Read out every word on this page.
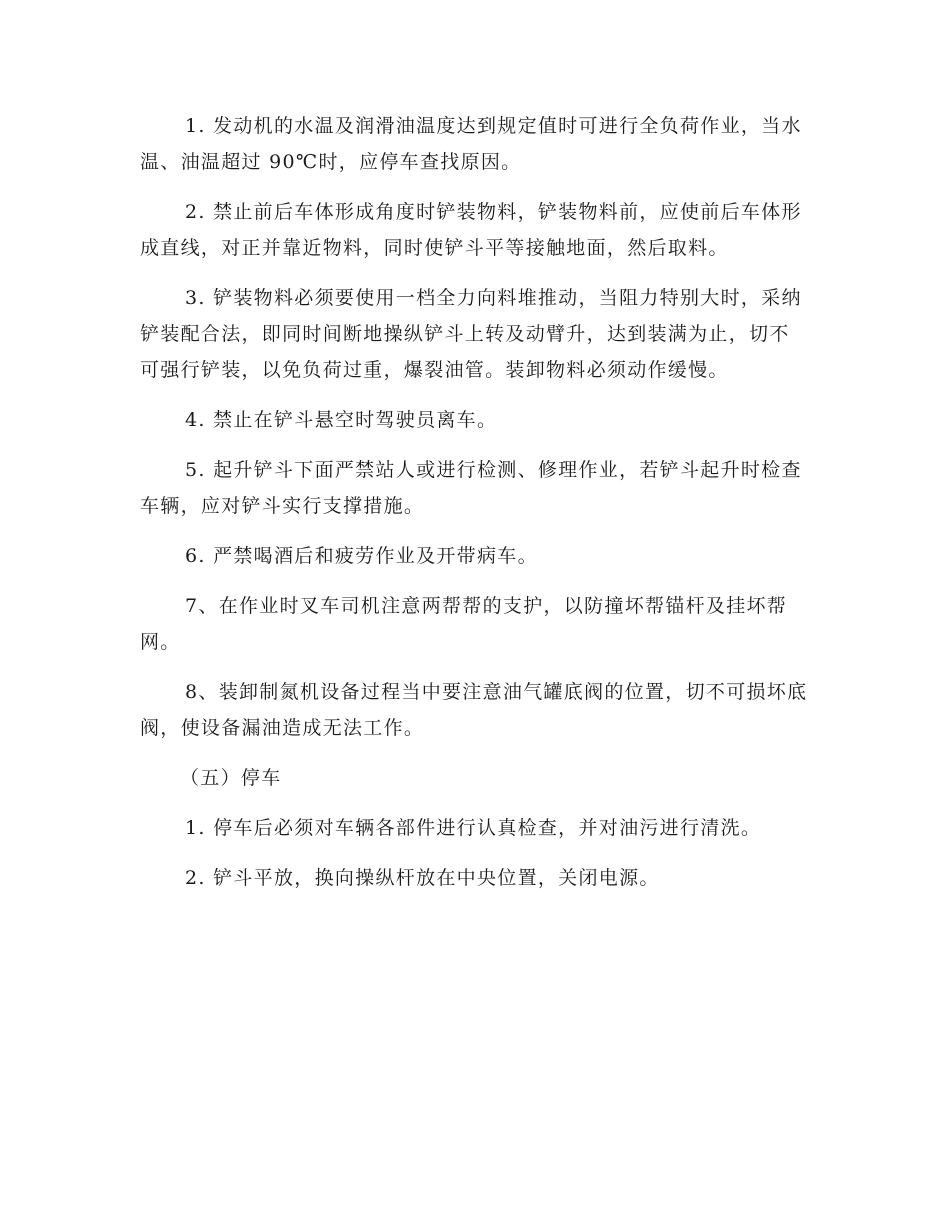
1. 发动机的水温及润滑油温度达到规定值时可进行全负荷作业，当水温、油温超过 90℃时，应停车查找原因。

2. 禁止前后车体形成角度时铲装物料，铲装物料前，应使前后车体形成直线，对正并靠近物料，同时使铲斗平等接触地面，然后取料。

3. 铲装物料必须要使用一档全力向料堆推动，当阻力特别大时，采纳铲装配合法，即同时间断地操纵铲斗上转及动臂升，达到装满为止，切不可强行铲装，以免负荷过重，爆裂油管。装卸物料必须动作缓慢。

4. 禁止在铲斗悬空时驾驶员离车。

5. 起升铲斗下面严禁站人或进行检测、修理作业，若铲斗起升时检查车辆，应对铲斗实行支撑措施。

6. 严禁喝酒后和疲劳作业及开带病车。

7、在作业时叉车司机注意两帮帮的支护，以防撞坏帮锚杆及挂坏帮网。

8、装卸制氮机设备过程当中要注意油气罐底阀的位置，切不可损坏底阀，使设备漏油造成无法工作。

（五）停车

1. 停车后必须对车辆各部件进行认真检查，并对油污进行清洗。

2. 铲斗平放，换向操纵杆放在中央位置，关闭电源。
